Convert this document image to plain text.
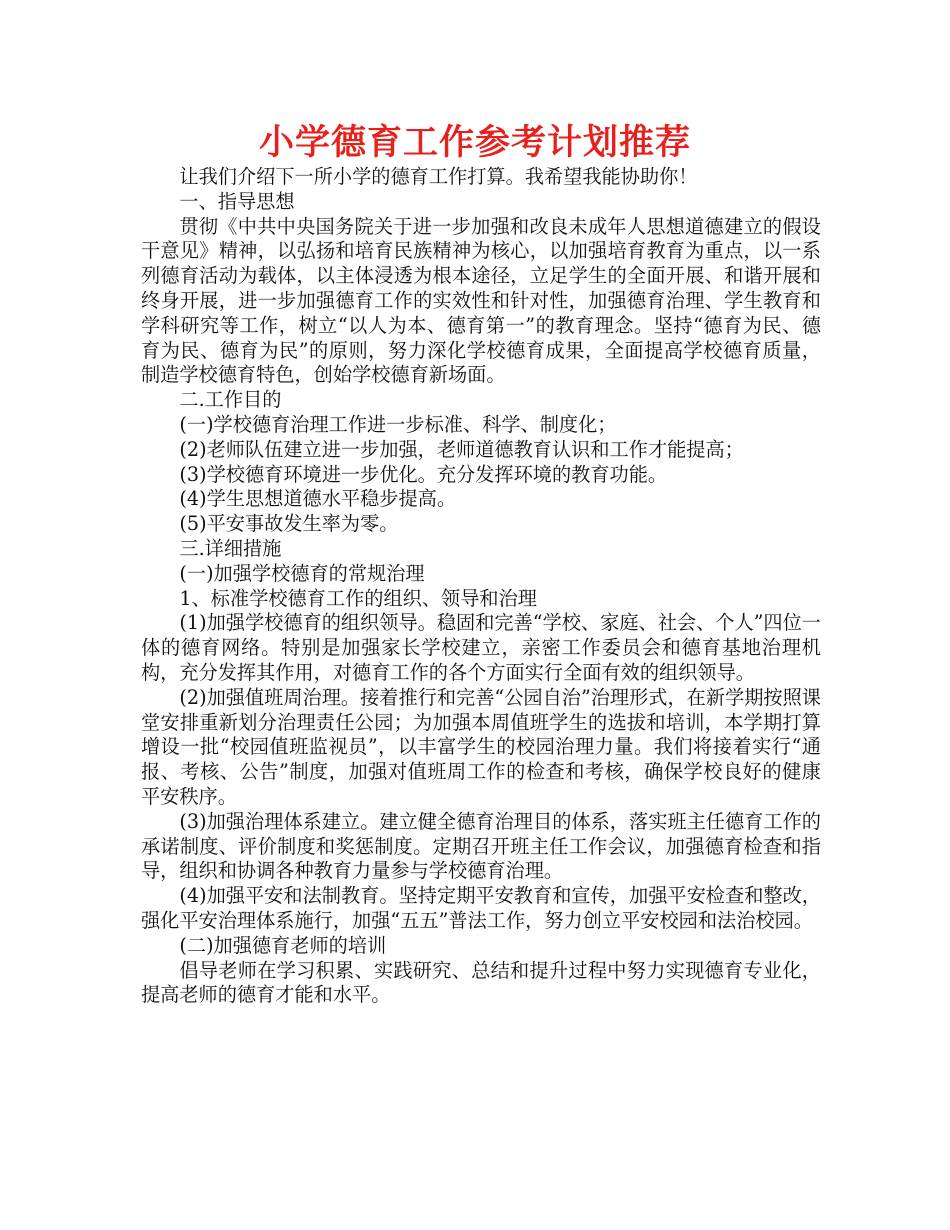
小学德育工作参考计划推荐

让我们介绍下一所小学的德育工作打算。我希望我能协助你！

一、指导思想

贯彻《中共中央国务院关于进一步加强和改良未成年人思想道德建立的假设干意见》精神，以弘扬和培育民族精神为核心，以加强培育教育为重点，以一系列德育活动为载体，以主体浸透为根本途径，立足学生的全面开展、和谐开展和终身开展，进一步加强德育工作的实效性和针对性，加强德育治理、学生教育和学科研究等工作，树立“以人为本、德育第一”的教育理念。坚持“德育为民、德育为民、德育为民”的原则，努力深化学校德育成果，全面提高学校德育质量，制造学校德育特色，创始学校德育新场面。

二.工作目的

(一)学校德育治理工作进一步标准、科学、制度化；

(2)老师队伍建立进一步加强，老师道德教育认识和工作才能提高；

(3)学校德育环境进一步优化。充分发挥环境的教育功能。

(4)学生思想道德水平稳步提高。

(5)平安事故发生率为零。

三.详细措施

(一)加强学校德育的常规治理

1、标准学校德育工作的组织、领导和治理

(1)加强学校德育的组织领导。稳固和完善“学校、家庭、社会、个人”四位一体的德育网络。特别是加强家长学校建立，亲密工作委员会和德育基地治理机构，充分发挥其作用，对德育工作的各个方面实行全面有效的组织领导。

(2)加强值班周治理。接着推行和完善“公园自治”治理形式，在新学期按照课堂安排重新划分治理责任公园；为加强本周值班学生的选拔和培训，本学期打算增设一批“校园值班监视员”，以丰富学生的校园治理力量。我们将接着实行“通报、考核、公告”制度，加强对值班周工作的检查和考核，确保学校良好的健康平安秩序。

(3)加强治理体系建立。建立健全德育治理目的体系，落实班主任德育工作的承诺制度、评价制度和奖惩制度。定期召开班主任工作会议，加强德育检查和指导，组织和协调各种教育力量参与学校德育治理。

(4)加强平安和法制教育。坚持定期平安教育和宣传，加强平安检查和整改，强化平安治理体系施行，加强“五五”普法工作，努力创立平安校园和法治校园。

(二)加强德育老师的培训

倡导老师在学习积累、实践研究、总结和提升过程中努力实现德育专业化，提高老师的德育才能和水平。
